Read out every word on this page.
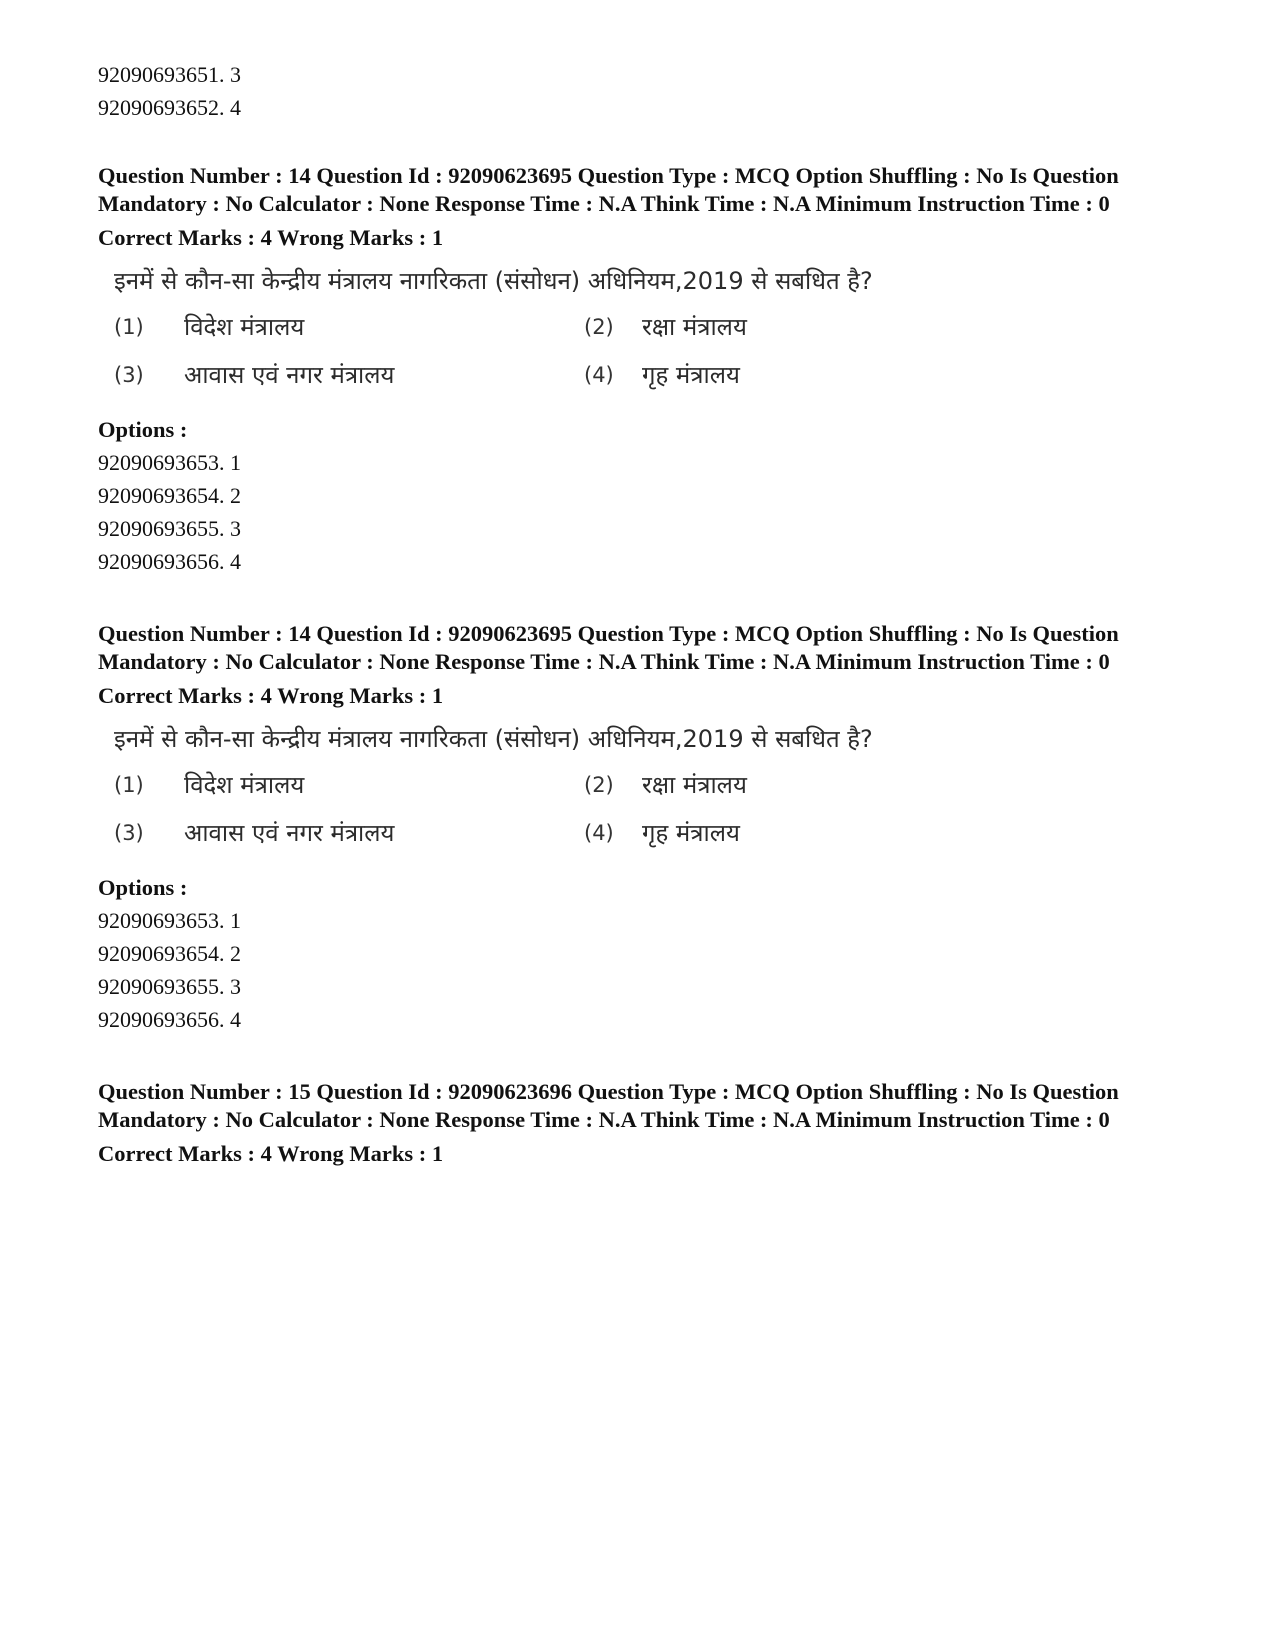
92090693651. 3
92090693652. 4
Question Number : 14 Question Id : 92090623695 Question Type : MCQ Option Shuffling : No Is Question Mandatory : No Calculator : None Response Time : N.A Think Time : N.A Minimum Instruction Time : 0
Correct Marks : 4 Wrong Marks : 1
इनमें से कौन-सा केन्द्रीय मंत्रालय नागरिकता (संसोधन) अधिनियम,2019 से सबधित है?
(1)	विदेश मंत्रालय	(2)	रक्षा मंत्रालय
(3)	आवास एवं नगर मंत्रालय	(4)	गृह मंत्रालय
Options :
92090693653. 1
92090693654. 2
92090693655. 3
92090693656. 4
Question Number : 14 Question Id : 92090623695 Question Type : MCQ Option Shuffling : No Is Question Mandatory : No Calculator : None Response Time : N.A Think Time : N.A Minimum Instruction Time : 0
Correct Marks : 4 Wrong Marks : 1
इनमें से कौन-सा केन्द्रीय मंत्रालय नागरिकता (संसोधन) अधिनियम,2019 से सबधित है?
(1)	विदेश मंत्रालय	(2)	रक्षा मंत्रालय
(3)	आवास एवं नगर मंत्रालय	(4)	गृह मंत्रालय
Options :
92090693653. 1
92090693654. 2
92090693655. 3
92090693656. 4
Question Number : 15 Question Id : 92090623696 Question Type : MCQ Option Shuffling : No Is Question Mandatory : No Calculator : None Response Time : N.A Think Time : N.A Minimum Instruction Time : 0
Correct Marks : 4 Wrong Marks : 1
